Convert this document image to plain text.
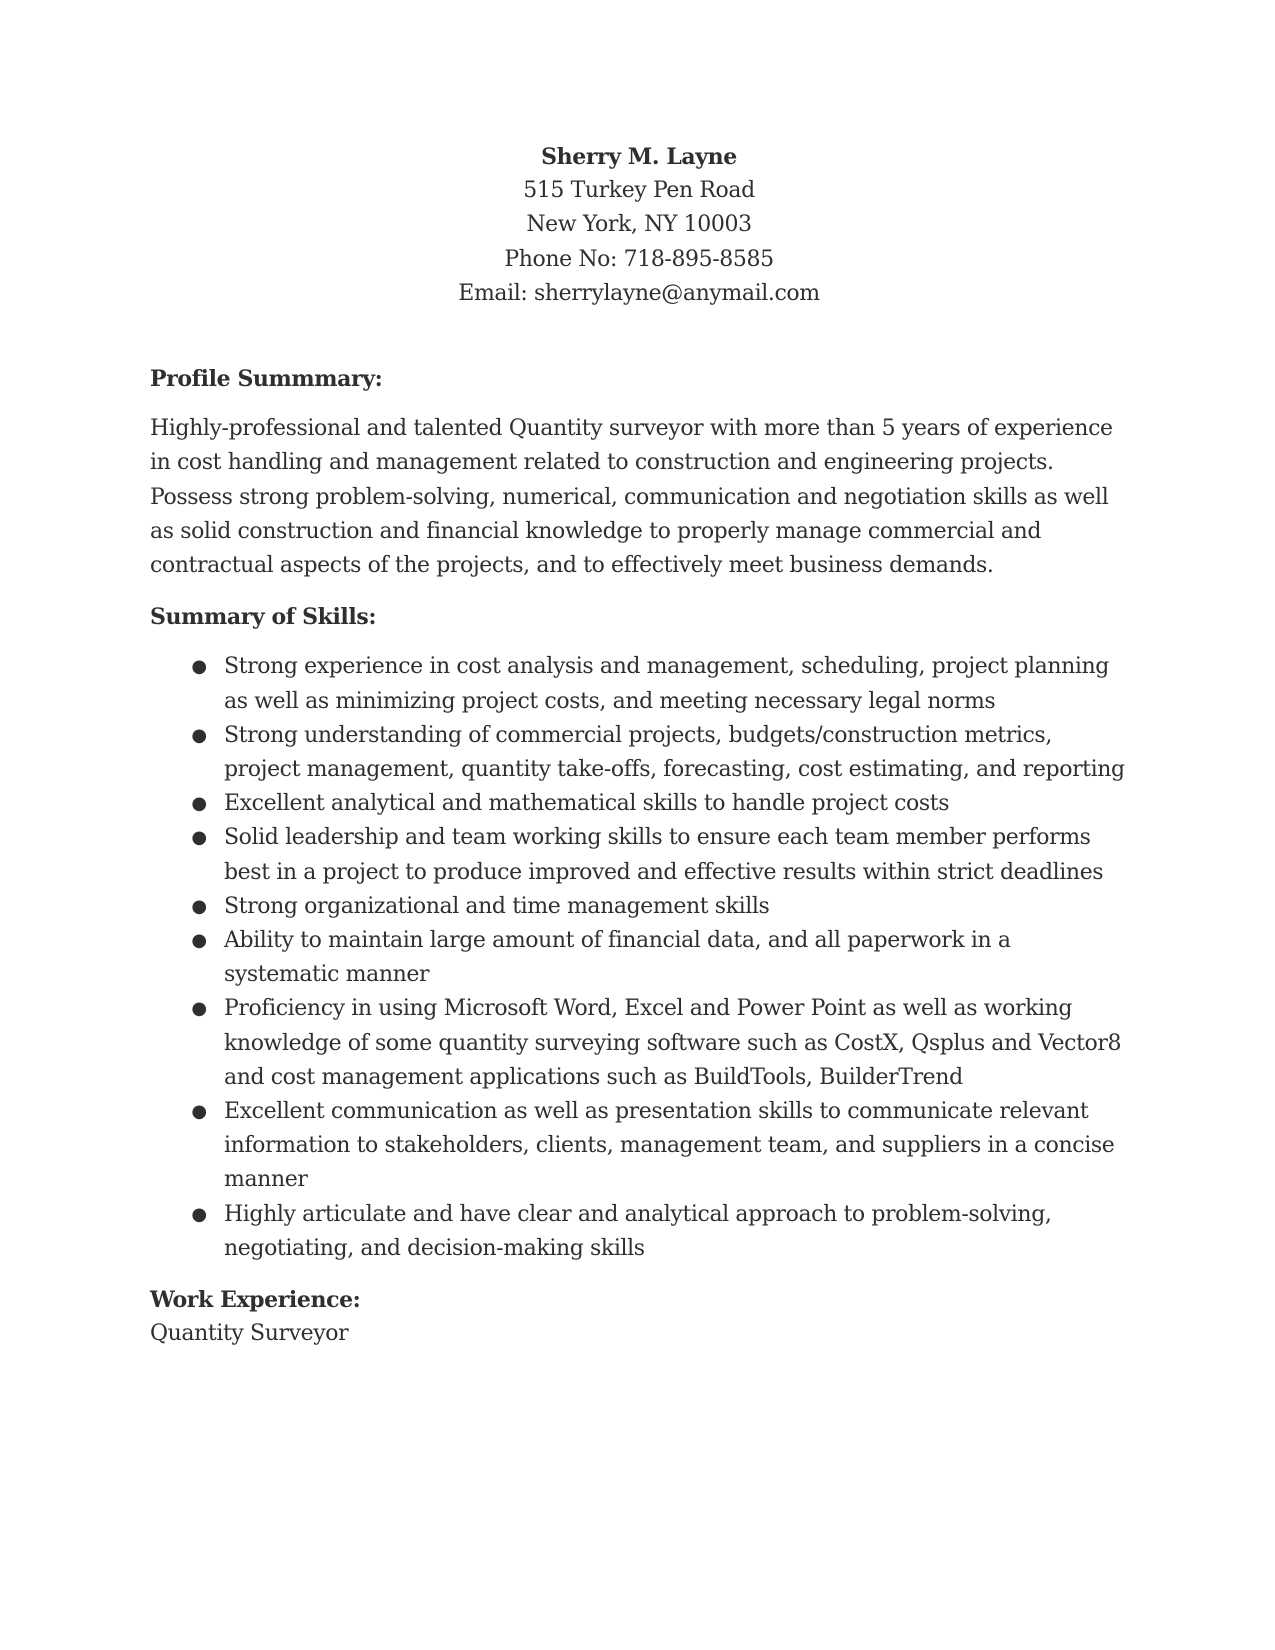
Sherry M. Layne
515 Turkey Pen Road
New York, NY 10003
Phone No: 718-895-8585
Email: sherrylayne@anymail.com
Profile Summmary:

Highly-professional and talented Quantity surveyor with more than 5 years of experience in cost handling and management related to construction and engineering projects. Possess strong problem-solving, numerical, communication and negotiation skills as well as solid construction and financial knowledge to properly manage commercial and contractual aspects of the projects, and to effectively meet business demands.

Summary of Skills:
● Strong experience in cost analysis and management, scheduling, project planning as well as minimizing project costs, and meeting necessary legal norms
● Strong understanding of commercial projects, budgets/construction metrics, project management, quantity take-offs, forecasting, cost estimating, and reporting
● Excellent analytical and mathematical skills to handle project costs
● Solid leadership and team working skills to ensure each team member performs best in a project to produce improved and effective results within strict deadlines
● Strong organizational and time management skills
● Ability to maintain large amount of financial data, and all paperwork in a systematic manner
● Proficiency in using Microsoft Word, Excel and Power Point as well as working knowledge of some quantity surveying software such as CostX, Qsplus and Vector8 and cost management applications such as BuildTools, BuilderTrend
● Excellent communication as well as presentation skills to communicate relevant information to stakeholders, clients, management team, and suppliers in a concise manner
● Highly articulate and have clear and analytical approach to problem-solving, negotiating, and decision-making skills
Work Experience:
Quantity Surveyor
